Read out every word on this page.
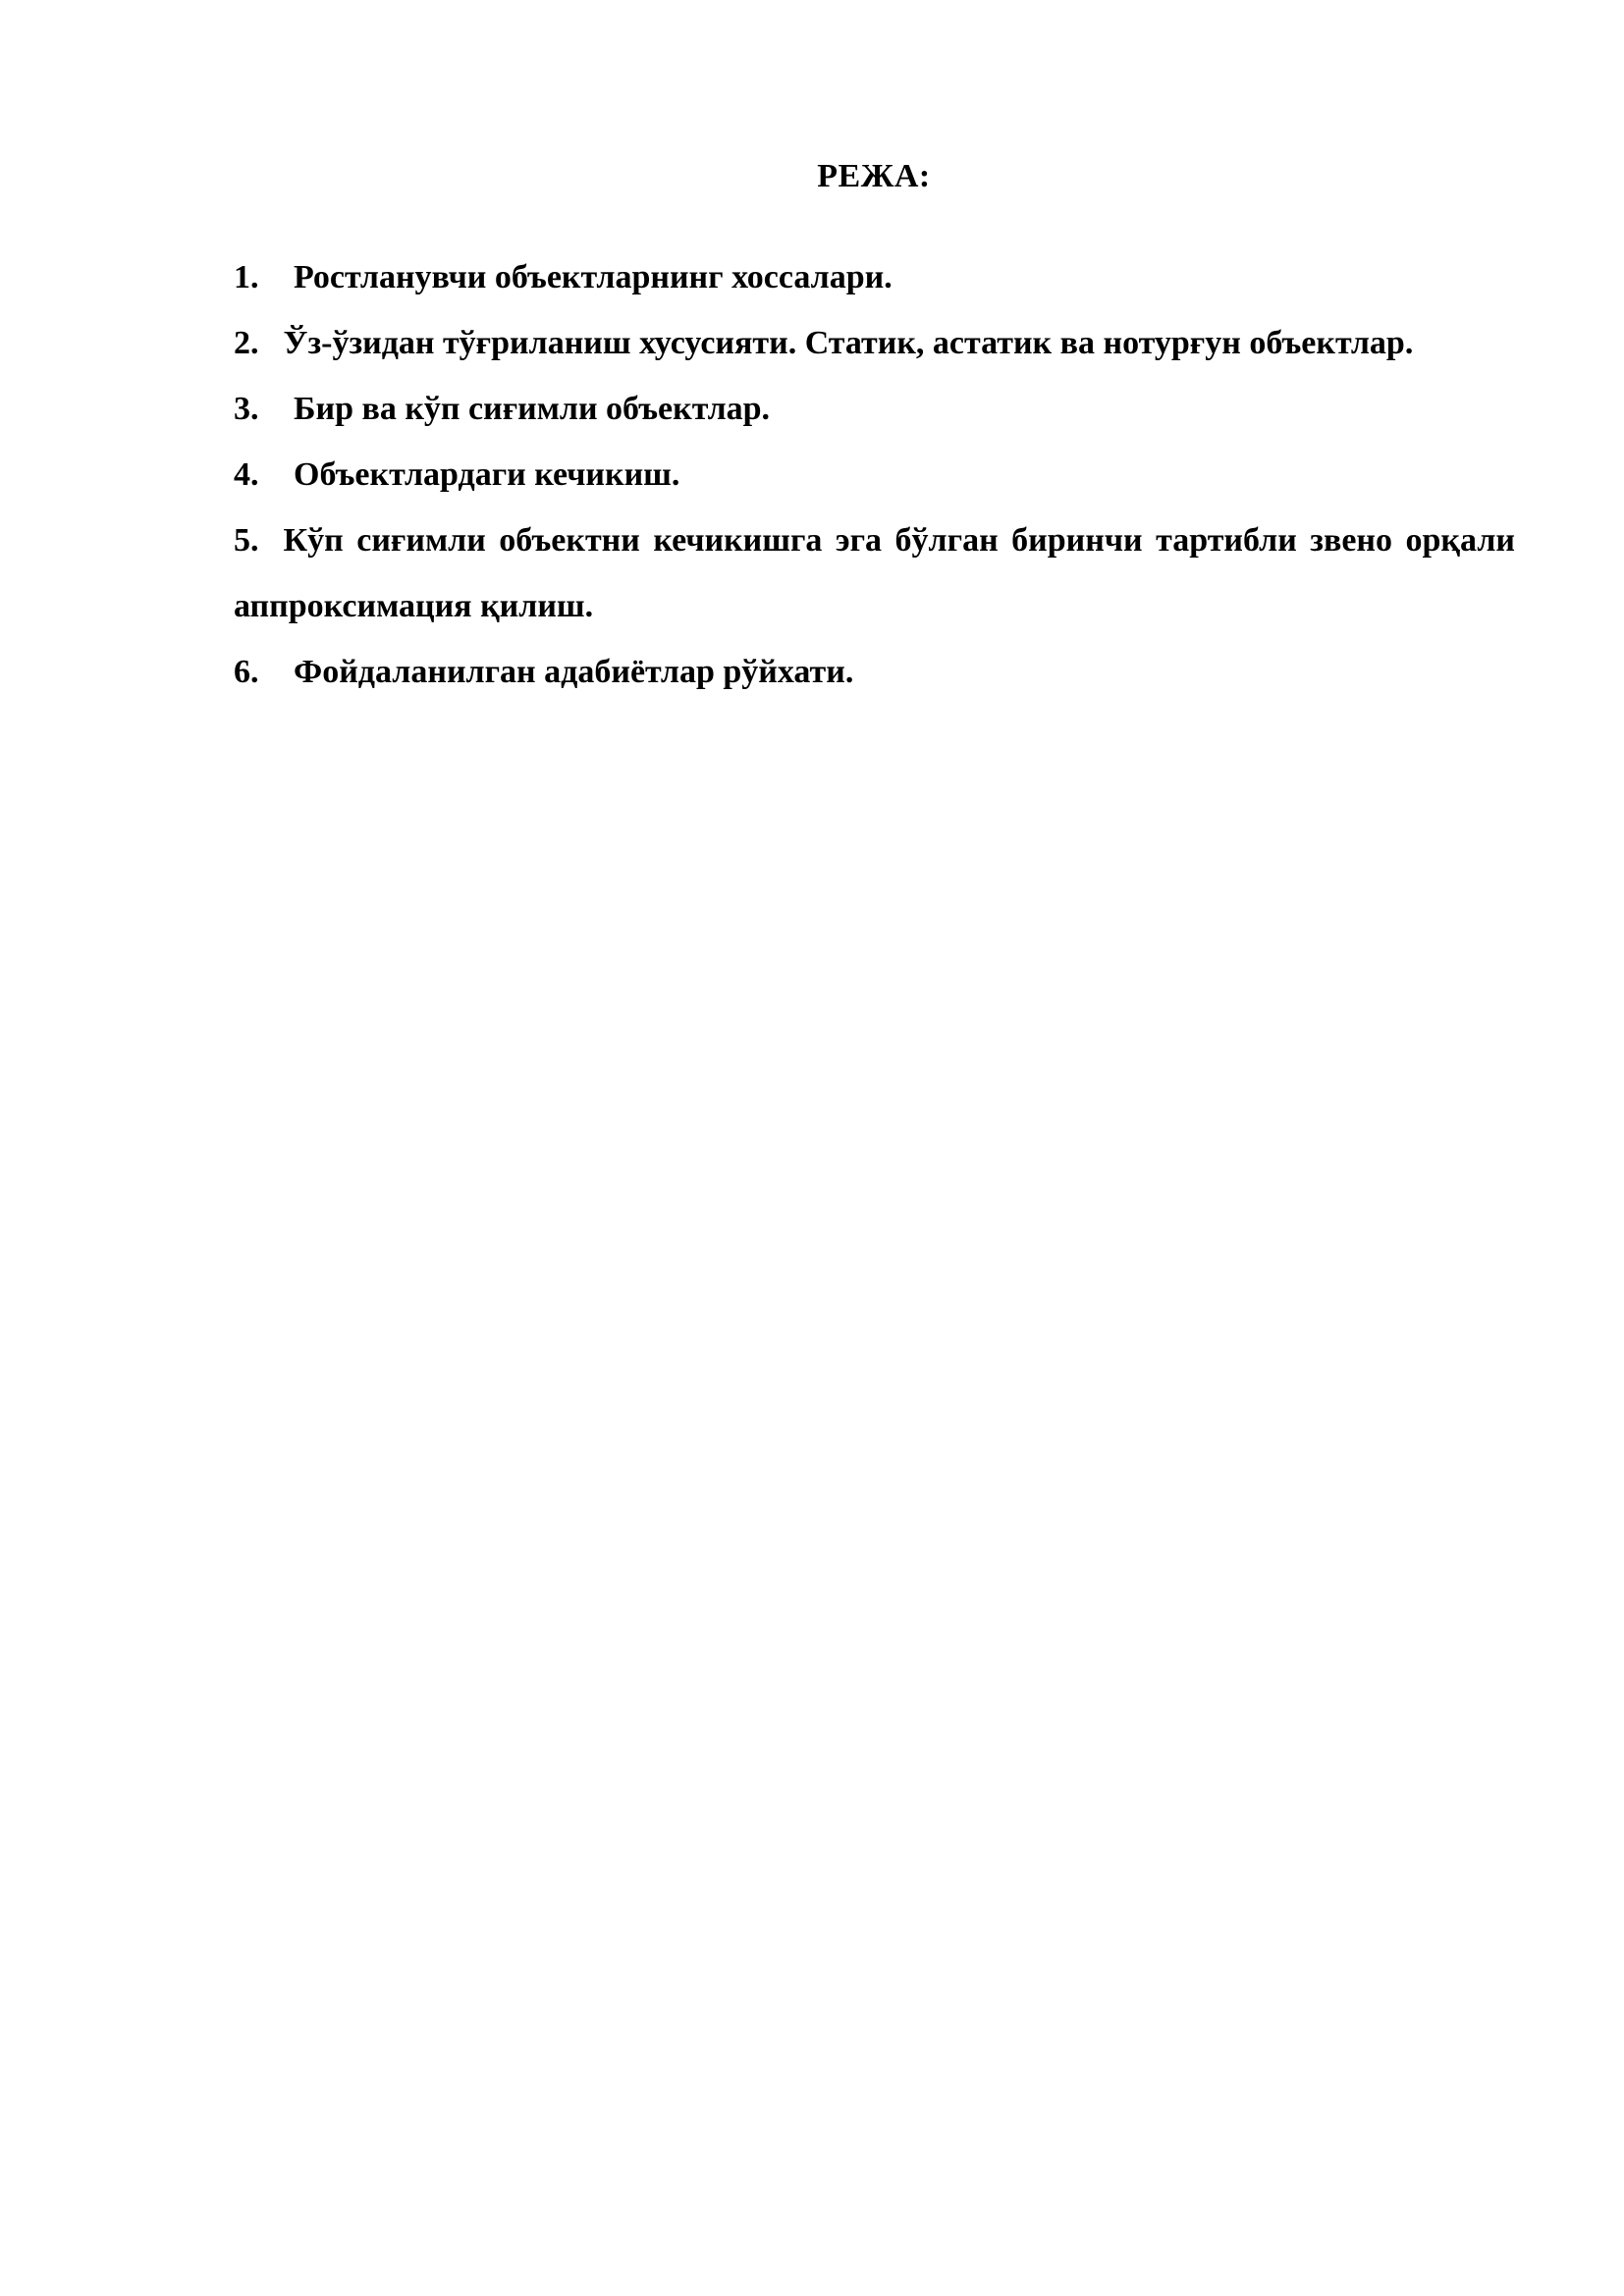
РЕЖА:
1. Ростланувчи объектларнинг хоссалари.
2. Ўз-ўзидан тўғриланиш хусусияти. Статик, астатик ва нотурғун объектлар.
3. Бир ва кўп сиғимли объектлар.
4. Объектлардаги кечикиш.
5. Кўп сиғимли объектни кечикишга эга бўлган биринчи тартибли звено орқали аппроксимация қилиш.
6. Фойдаланилган адабиётлар рўйхати.
